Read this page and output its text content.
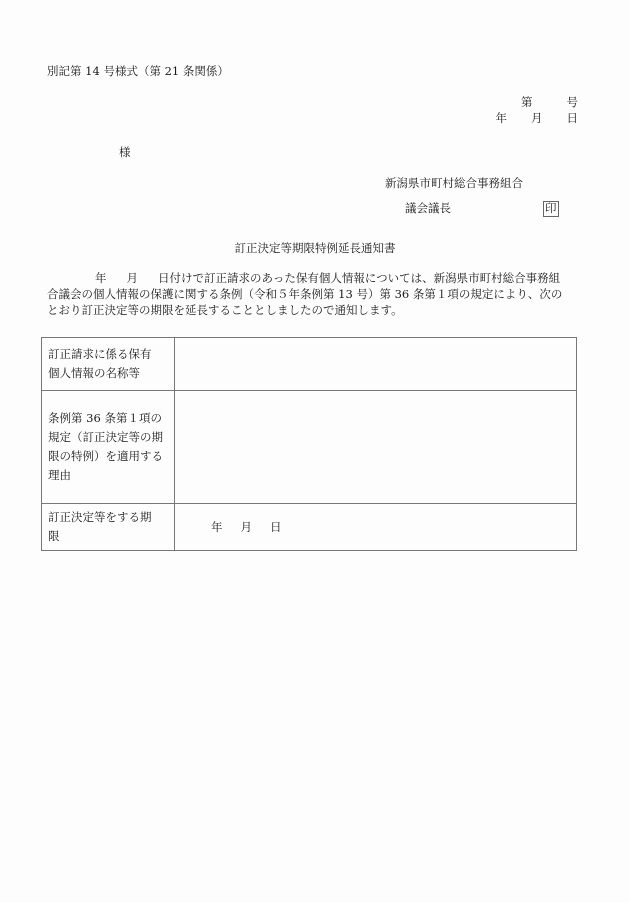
別記第 14 号様式（第 21 条関係）
第	号
年 月 日
様
新潟県市町村総合事務組合
議会議長	印
訂正決定等期限特例延長通知書
年 月 日付けで訂正請求のあった保有個人情報については、新潟県市町村総合事務組
合議会の個人情報の保護に関する条例（令和５年条例第 13 号）第 36 条第１項の規定により、次の
とおり訂正決定等の期限を延長することとしましたので通知します。
訂正請求に係る保有
個人情報の名称等	

条例第 36 条第１項の
規定（訂正決定等の期
限の特例）を適用する
理由	

訂正決定等をする期
限	年 月 日
